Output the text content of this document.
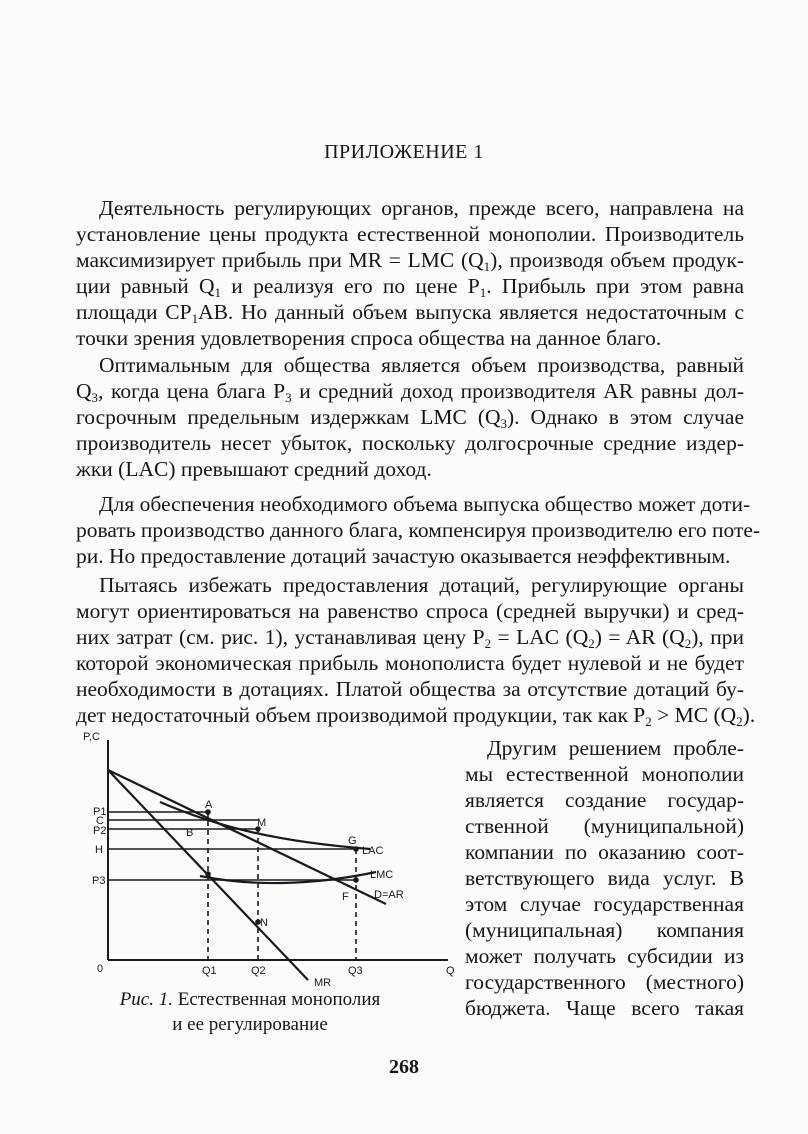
ПРИЛОЖЕНИЕ 1
Деятельность регулирующих органов, прежде всего, направлена на
установление цены продукта естественной монополии. Производитель
максимизирует прибыль при MR = LMC $(Q_1)$, производя объем продук-
ции равный $Q_1$ и реализуя его по цене $P_1$. Прибыль при этом равна
площади $CP_1AB$. Но данный объем выпуска является недостаточным с
точки зрения удовлетворения спроса общества на данное благо.
Оптимальным для общества является объем производства, равный
$Q_3$, когда цена блага $P_3$ и средний доход производителя AR равны дол-
госрочным предельным издержкам LMC $(Q_3)$. Однако в этом случае
производитель несет убыток, поскольку долгосрочные средние издер-
жки (LAC) превышают средний доход.
Для обеспечения необходимого объема выпуска общество может доти-
ровать производство данного блага, компенсируя производителю его поте-
ри. Но предоставление дотаций зачастую оказывается неэффективным.
Пытаясь избежать предоставления дотаций, регулирующие органы
могут ориентироваться на равенство спроса (средней выручки) и сред-
них затрат (см. рис. 1), устанавливая цену $P_2$ = LAC $(Q_2)$ = AR $(Q_2)$, при
которой экономическая прибыль монополиста будет нулевой и не будет
необходимости в дотациях. Платой общества за отсутствие дотаций бу-
дет недостаточный объем производимой продукции, так как $P_2$ > MC $(Q_2)$.
Другим решением пробле-
мы естественной монополии
является создание государ-
ственной (муниципальной)
компании по оказанию соот-
ветствующего вида услуг. В
этом случае государственная
(муниципальная) компания
может получать субсидии из
государственного (местного)
бюджета. Чаще всего такая
P,C
Q
0
P1
C
P2
H
P3
Q1	Q2	Q3
A
B
M
G
F
N
LAC
LMC
D=AR
MR
Рис. 1. Естественная монополия
и ее регулирование
268
